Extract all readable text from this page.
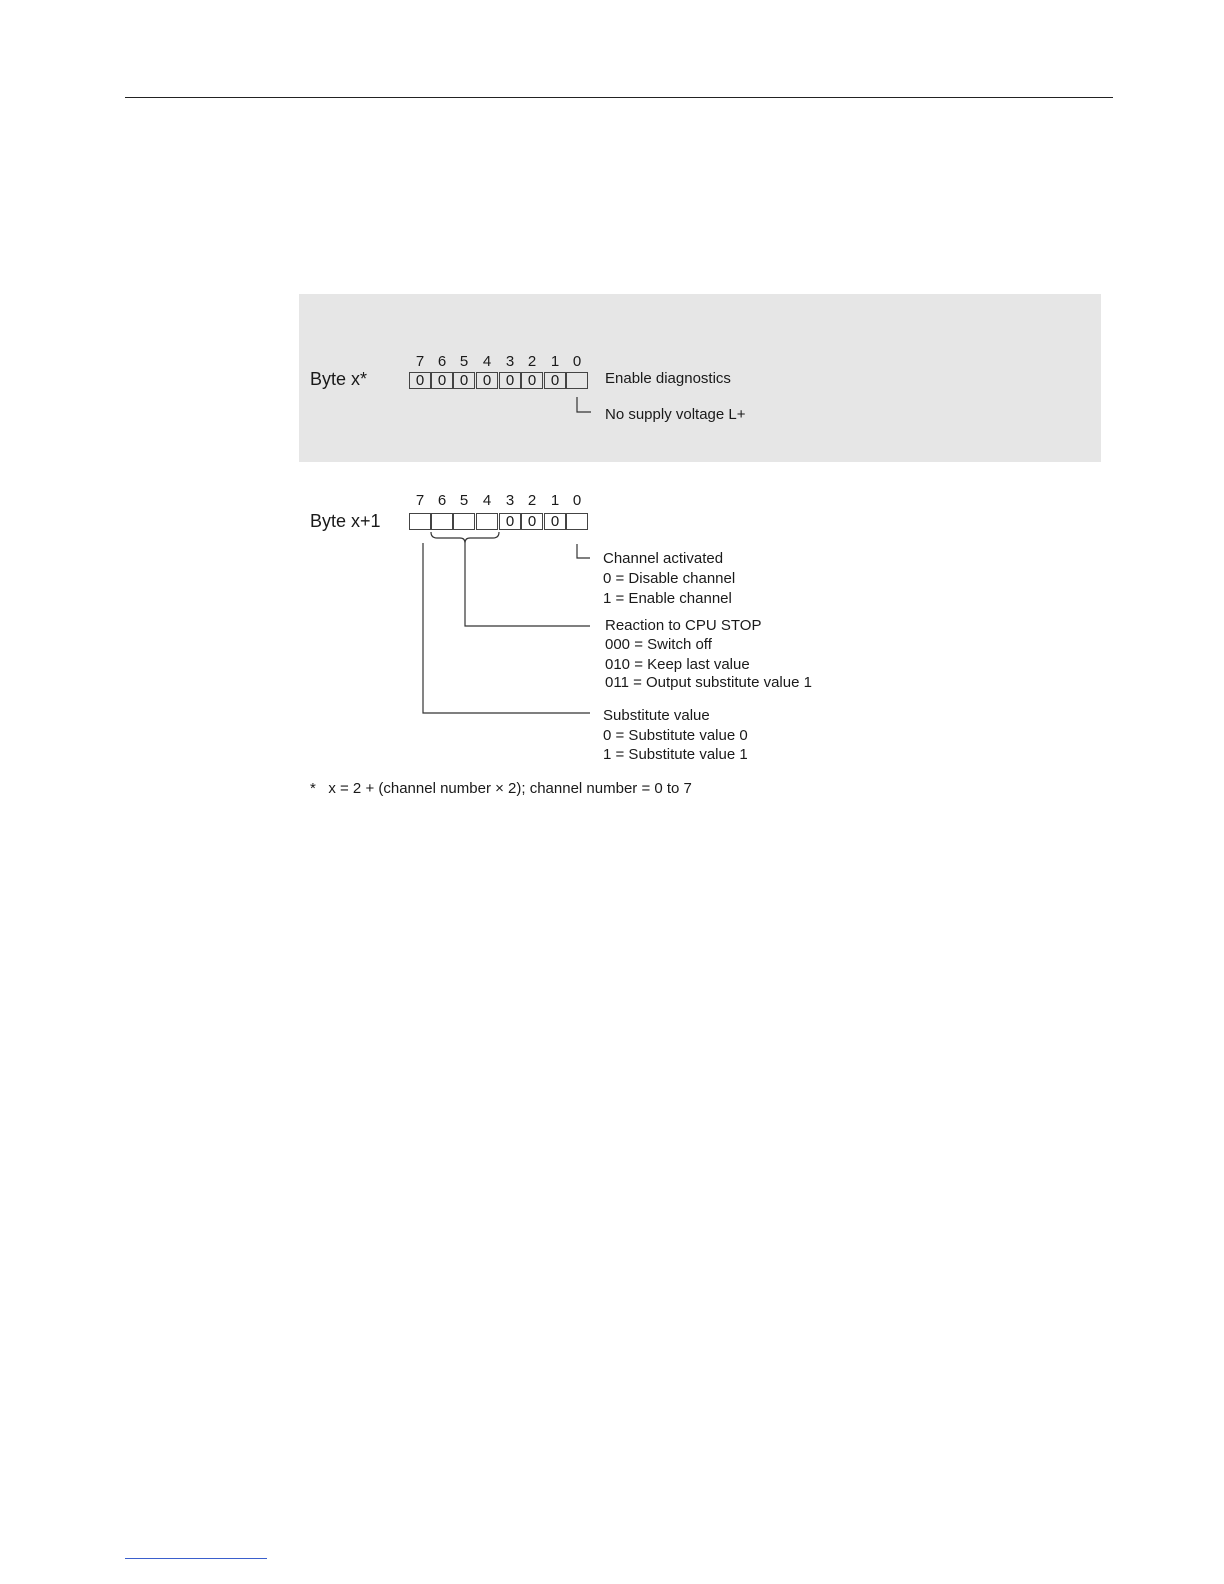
Byte x*
7 6 5 4 3 2 1 0
0 0 0 0 0 0 0	Enable diagnostics
No supply voltage L+
Byte x+1
7 6 5 4 3 2 1 0
0 0 0
Channel activated
0 = Disable channel
1 = Enable channel
Reaction to CPU STOP
000 = Switch off
010 = Keep last value
011 = Output substitute value 1
Substitute value
0 = Substitute value 0
1 = Substitute value 1
*   x = 2 + (channel number × 2); channel number = 0 to 7
